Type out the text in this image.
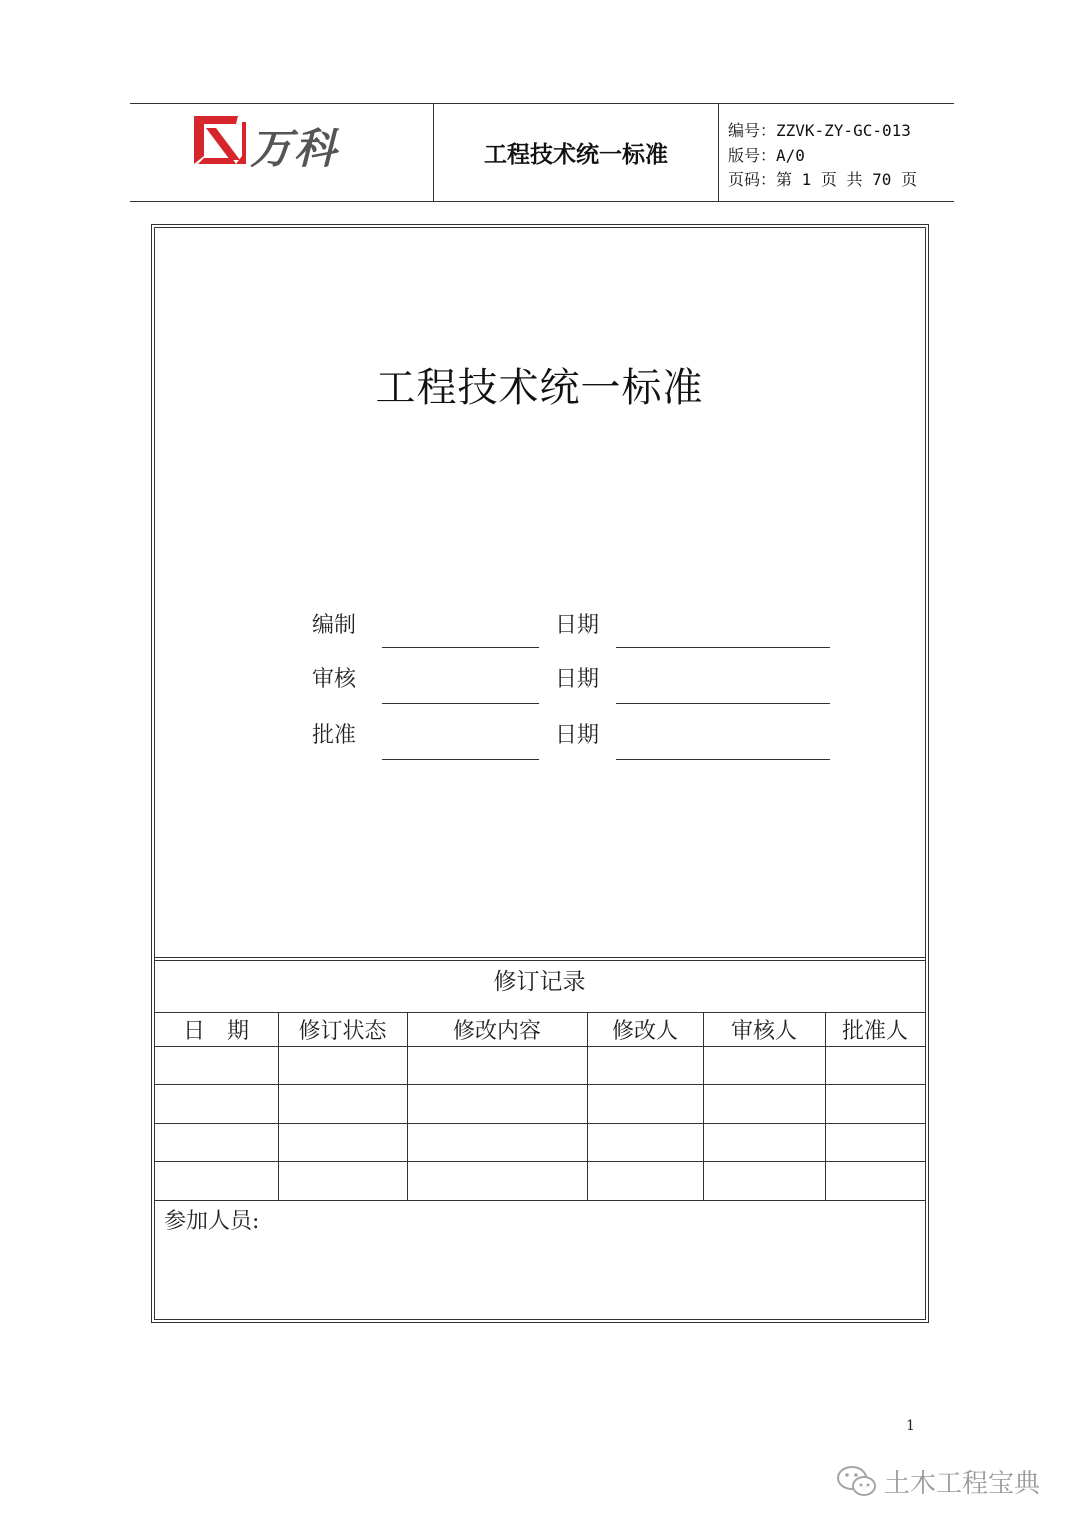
万科	工程技术统一标准
编号：ZZVK-ZY-GC-013
版号：A/0
页码：第 1 页 共 70 页
工程技术统一标准
编制	日期
审核	日期
批准	日期
修订记录
日　期	修订状态	修改内容	修改人	审核人	批准人
参加人员:
1
土木工程宝典
